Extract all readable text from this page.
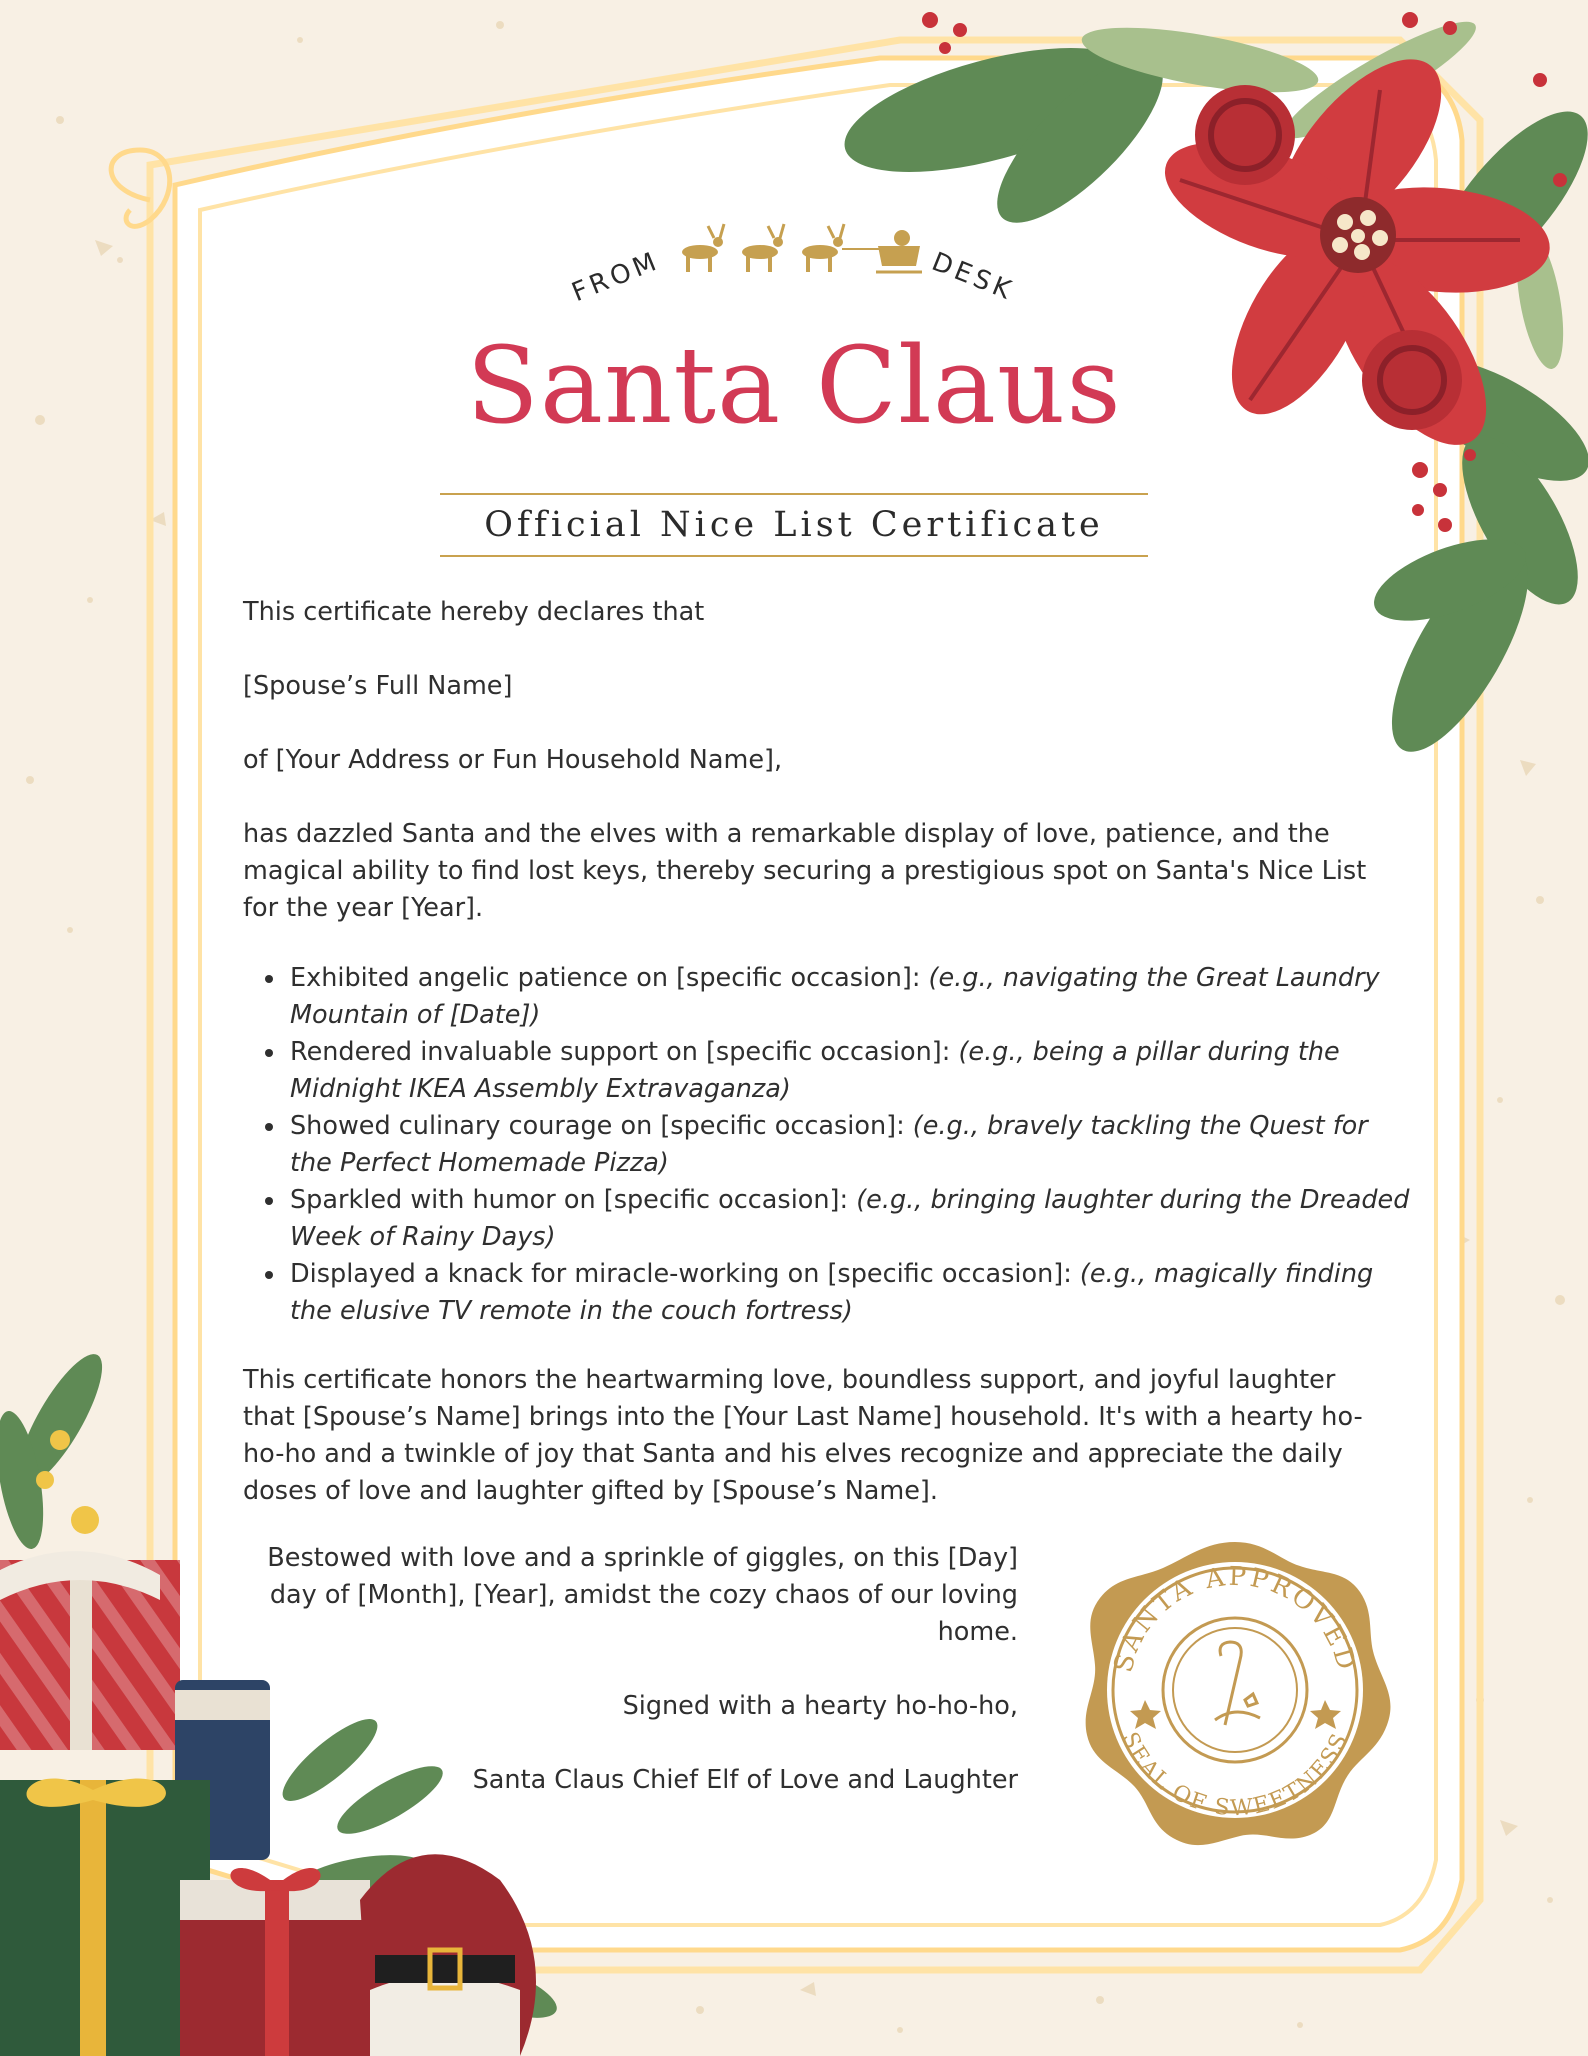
FROM	DESK
Santa Claus
Official Nice List Certificate

This certificate hereby declares that

[Spouse’s Full Name]

of [Your Address or Fun Household Name],

has dazzled Santa and the elves with a remarkable display of love, patience, and the magical ability to find lost keys, thereby securing a prestigious spot on Santa's Nice List for the year [Year].

Exhibited angelic patience on [specific occasion]: (e.g., navigating the Great Laundry Mountain of [Date])
Rendered invaluable support on [specific occasion]: (e.g., being a pillar during the Midnight IKEA Assembly Extravaganza)
Showed culinary courage on [specific occasion]: (e.g., bravely tackling the Quest for the Perfect Homemade Pizza)
Sparkled with humor on [specific occasion]: (e.g., bringing laughter during the Dreaded Week of Rainy Days)
Displayed a knack for miracle-working on [specific occasion]: (e.g., magically finding the elusive TV remote in the couch fortress)

This certificate honors the heartwarming love, boundless support, and joyful laughter that [Spouse’s Name] brings into the [Your Last Name] household. It's with a hearty ho-ho-ho and a twinkle of joy that Santa and his elves recognize and appreciate the daily doses of love and laughter gifted by [Spouse’s Name].

Bestowed with love and a sprinkle of giggles, on this [Day] day of [Month], [Year], amidst the cozy chaos of our loving home.

Signed with a hearty ho-ho-ho,

Santa Claus Chief Elf of Love and Laughter

SANTA APPROVED
SEAL OF SWEETNESS
